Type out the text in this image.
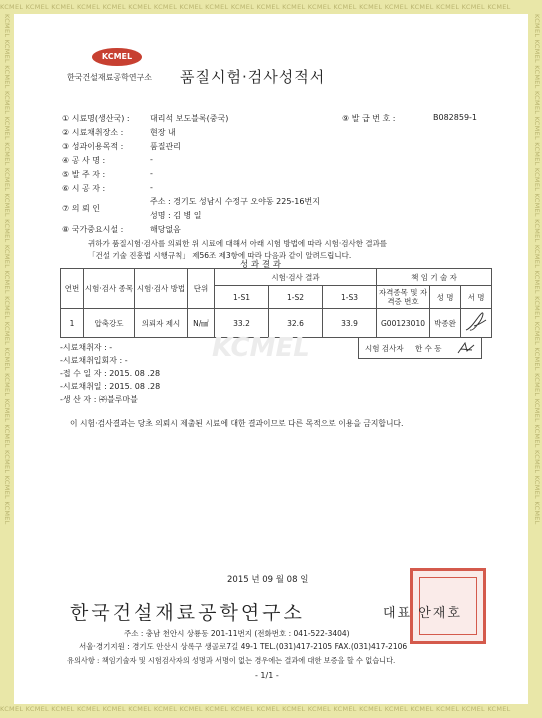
KCMEL KCMEL KCMEL KCMEL KCMEL KCMEL KCMEL KCMEL KCMEL KCMEL KCMEL KCMEL KCMEL KCMEL KCMEL KCMEL KCMEL KCMEL KCMEL KCMEL
KCMEL KCMEL KCMEL KCMEL KCMEL KCMEL KCMEL KCMEL KCMEL KCMEL KCMEL KCMEL KCMEL KCMEL KCMEL KCMEL KCMEL KCMEL KCMEL KCMEL
KCMEL KCMEL KCMEL KCMEL KCMEL KCMEL KCMEL KCMEL KCMEL KCMEL KCMEL KCMEL KCMEL KCMEL KCMEL KCMEL KCMEL KCMEL KCMEL KCMEL	KCMEL KCMEL KCMEL KCMEL KCMEL KCMEL KCMEL KCMEL KCMEL KCMEL KCMEL KCMEL KCMEL KCMEL KCMEL KCMEL KCMEL KCMEL KCMEL KCMEL
KCMEL
한국건설재료공학연구소 품질시험·검사성적서
⑨ 발 급 번 호 :	B082859-1
① 시료명(생산국) :	대리석 보도블록(중국)
② 시료채취장소 :	현장 내
③ 성과이용목적 :	품질관리
④ 공 사 명 :	-
⑤ 발 주 자 :	-
⑥ 시 공 자 :	-
⑦ 의 뢰 인
주소 : 경기도 성남시 수정구 오야동 225-16번지
성명 : 김 병 일
⑧ 국가중요시설 :	해당없음
귀하가 품질시험·검사를 의뢰한 위 시료에 대해서 아래 시험 방법에 따라 시험·검사한 결과를
「건설 기술 진흥법 시행규칙」 제56조 제3항에 따라 다음과 같이 알려드립니다.
성 과 결 과
연번	시험·검사 종목	시험·검사 방법	단위	시험·검사 결과			책 임 기 술 자		
				1-S1	1-S2	1-S3	자격종목 및 자격증 번호	성 명	서 명
1	압축강도	의뢰자 제시	N/㎟	33.2	32.6	33.9	G00123010	박종완	
KCMEL
-시료채취자 : -
-시료채취입회자 : -
-접 수 일 자 : 2015. 08 .28
-시료채취일 : 2015. 08 .28
-생 산 자 : ㈜블루마블
시험 검사자 한 수 동
이 시험·검사결과는 당초 의뢰시 제출된 시료에 대한 결과이므로 다른 목적으로 이용을 금지합니다.
2015 년 09 월 08 일
한국건설재료공학연구소	대표 안재호
주소 : 충남 천안시 상룡동 201-11번지 (전화번호 : 041-522-3404)
서울·경기지원 : 경기도 안산시 상록구 생골로7길 49-1 TEL.(031)417-2105 FAX.(031)417-2106
유의사항 : 책임기술자 및 시험검사자의 성명과 서명이 없는 경우에는 결과에 대한 보증을 할 수 없습니다.
- 1/1 -
